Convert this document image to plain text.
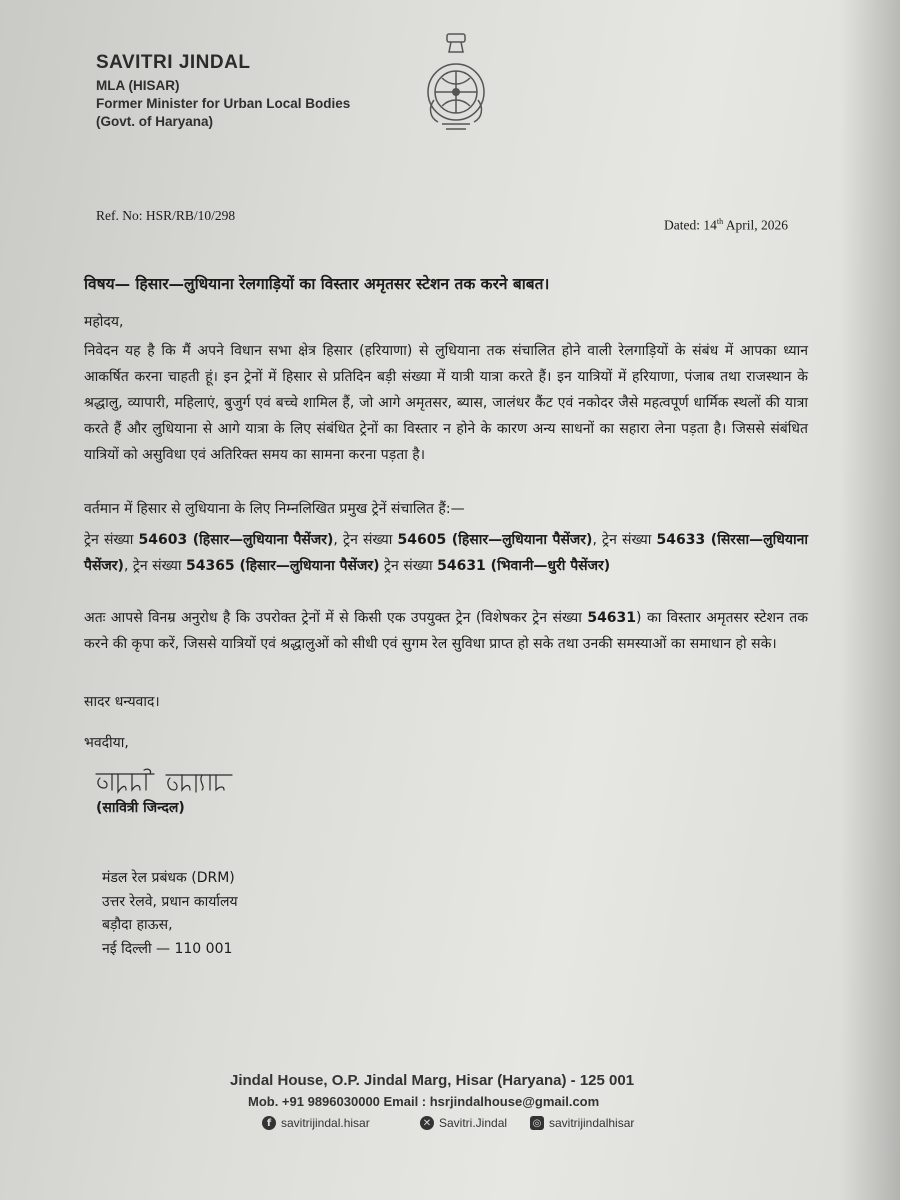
SAVITRI JINDAL
MLA (HISAR)
Former Minister for Urban Local Bodies
(Govt. of Haryana)
Ref. No: HSR/RB/10/298
Dated: 14th April, 2026
विषय— हिसार—लुधियाना रेलगाड़ियों का विस्तार अमृतसर स्टेशन तक करने बाबत।
महोदय,
निवेदन यह है कि मैं अपने विधान सभा क्षेत्र हिसार (हरियाणा) से लुधियाना तक संचालित होने वाली रेलगाड़ियों के संबंध में आपका ध्यान आकर्षित करना चाहती हूं। इन ट्रेनों में हिसार से प्रतिदिन बड़ी संख्या में यात्री यात्रा करते हैं। इन यात्रियों में हरियाणा, पंजाब तथा राजस्थान के श्रद्धालु, व्यापारी, महिलाएं, बुजुर्ग एवं बच्चे शामिल हैं, जो आगे अमृतसर, ब्यास, जालंधर कैंट एवं नकोदर जैसे महत्वपूर्ण धार्मिक स्थलों की यात्रा करते हैं और लुधियाना से आगे यात्रा के लिए संबंधित ट्रेनों का विस्तार न होने के कारण अन्य साधनों का सहारा लेना पड़ता है। जिससे संबंधित यात्रियों को असुविधा एवं अतिरिक्त समय का सामना करना पड़ता है।
वर्तमान में हिसार से लुधियाना के लिए निम्नलिखित प्रमुख ट्रेनें संचालित हैं:—
ट्रेन संख्या 54603 (हिसार—लुधियाना पैसेंजर), ट्रेन संख्या 54605 (हिसार—लुधियाना पैसेंजर), ट्रेन संख्या 54633 (सिरसा—लुधियाना पैसेंजर), ट्रेन संख्या 54365 (हिसार—लुधियाना पैसेंजर) ट्रेन संख्या 54631 (भिवानी—धुरी पैसेंजर)
अतः आपसे विनम्र अनुरोध है कि उपरोक्त ट्रेनों में से किसी एक उपयुक्त ट्रेन (विशेषकर ट्रेन संख्या 54631) का विस्तार अमृतसर स्टेशन तक करने की कृपा करें, जिससे यात्रियों एवं श्रद्धालुओं को सीधी एवं सुगम रेल सुविधा प्राप्त हो सके तथा उनकी समस्याओं का समाधान हो सके।
सादर धन्यवाद।
भवदीया,
(सावित्री जिन्दल)
मंडल रेल प्रबंधक (DRM)
उत्तर रेलवे, प्रधान कार्यालय
बड़ौदा हाऊस,
नई दिल्ली — 110 001
Jindal House, O.P. Jindal Marg, Hisar (Haryana) - 125 001
Mob. +91 9896030000 Email : hsrjindalhouse@gmail.com
f savitrijindal.hisar	✕ Savitri.Jindal	◎ savitrijindalhisar
